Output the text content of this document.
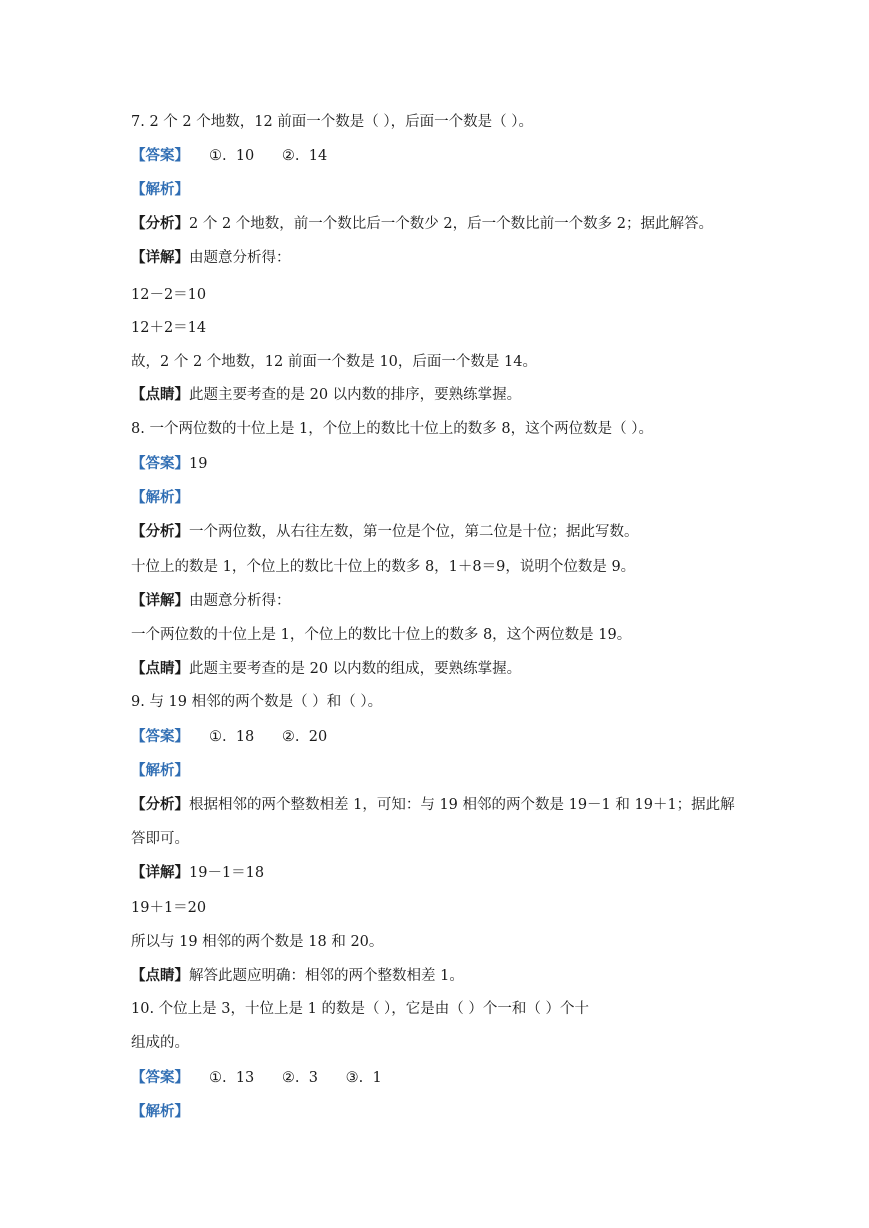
7. 2 个 2 个地数，12 前面一个数是（ ），后面一个数是（ ）。
【答案】 ①.  10      ②.  14
【解析】
【分析】2 个 2 个地数，前一个数比后一个数少 2，后一个数比前一个数多 2；据此解答。
【详解】由题意分析得：
12－2＝10
12＋2＝14
故，2 个 2 个地数，12 前面一个数是 10，后面一个数是 14。
【点睛】此题主要考查的是 20 以内数的排序，要熟练掌握。
8. 一个两位数的十位上是 1，个位上的数比十位上的数多 8，这个两位数是（ ）。
【答案】19
【解析】
【分析】一个两位数，从右往左数，第一位是个位，第二位是十位；据此写数。
十位上的数是 1，个位上的数比十位上的数多 8，1＋8＝9，说明个位数是 9。
【详解】由题意分析得：
一个两位数的十位上是 1，个位上的数比十位上的数多 8，这个两位数是 19。
【点睛】此题主要考查的是 20 以内数的组成，要熟练掌握。
9. 与 19 相邻的两个数是（ ）和（ ）。
【答案】 ①.  18      ②.  20
【解析】
【分析】根据相邻的两个整数相差 1，可知：与 19 相邻的两个数是 19－1 和 19＋1；据此解
答即可。
【详解】19－1＝18
19＋1＝20
所以与 19 相邻的两个数是 18 和 20。
【点睛】解答此题应明确：相邻的两个整数相差 1。
10. 个位上是 3，十位上是 1 的数是（ ），它是由（ ）个一和（ ）个十
组成的。
【答案】 ①.  13      ②.  3      ③.  1
【解析】
